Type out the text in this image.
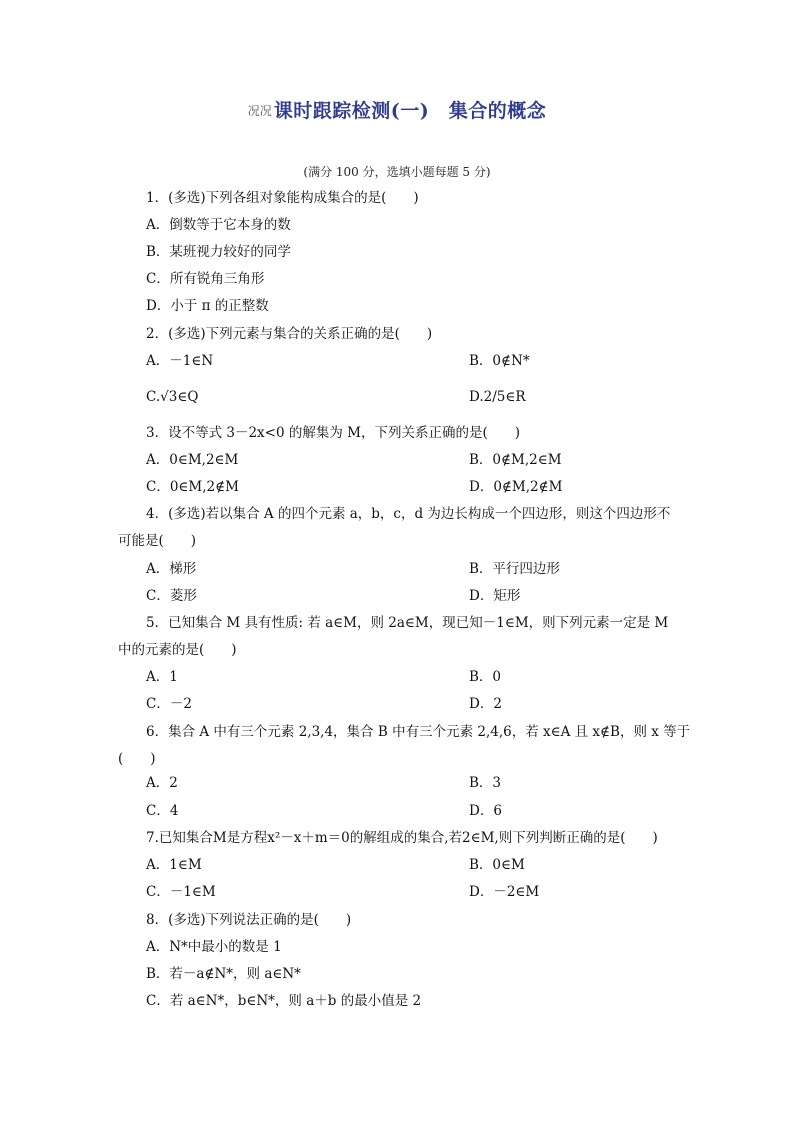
况况 课时跟踪检测(一)　集合的概念
(满分 100 分，选填小题每题 5 分)
1．(多选)下列各组对象能构成集合的是(　　)
A．倒数等于它本身的数
B．某班视力较好的同学
C．所有锐角三角形
D．小于 π 的正整数
2．(多选)下列元素与集合的关系正确的是(　　)
A．－1∈N	B．0∉N*
C.√3∈Q	D.2/5∈R
3．设不等式 3－2x<0 的解集为 M，下列关系正确的是(　　)
A．0∈M,2∈M	B．0∉M,2∈M
C．0∈M,2∉M	D．0∉M,2∉M
4．(多选)若以集合 A 的四个元素 a，b，c，d 为边长构成一个四边形，则这个四边形不
可能是(　　)
A．梯形	B．平行四边形
C．菱形	D．矩形
5．已知集合 M 具有性质: 若 a∈M，则 2a∈M，现已知－1∈M，则下列元素一定是 M
中的元素的是(　　)
A．1	B．0
C．－2	D．2
6．集合 A 中有三个元素 2,3,4，集合 B 中有三个元素 2,4,6，若 x∈A 且 x∉B，则 x 等于
(　　)
A．2	B．3
C．4	D．6
7.已知集合M是方程x²－x＋m＝0的解组成的集合,若2∈M,则下列判断正确的是(　　)
A．1∈M	B．0∈M
C．－1∈M	D．－2∈M
8．(多选)下列说法正确的是(　　)
A．N*中最小的数是 1
B．若－a∉N*，则 a∈N*
C．若 a∈N*，b∈N*，则 a＋b 的最小值是 2
